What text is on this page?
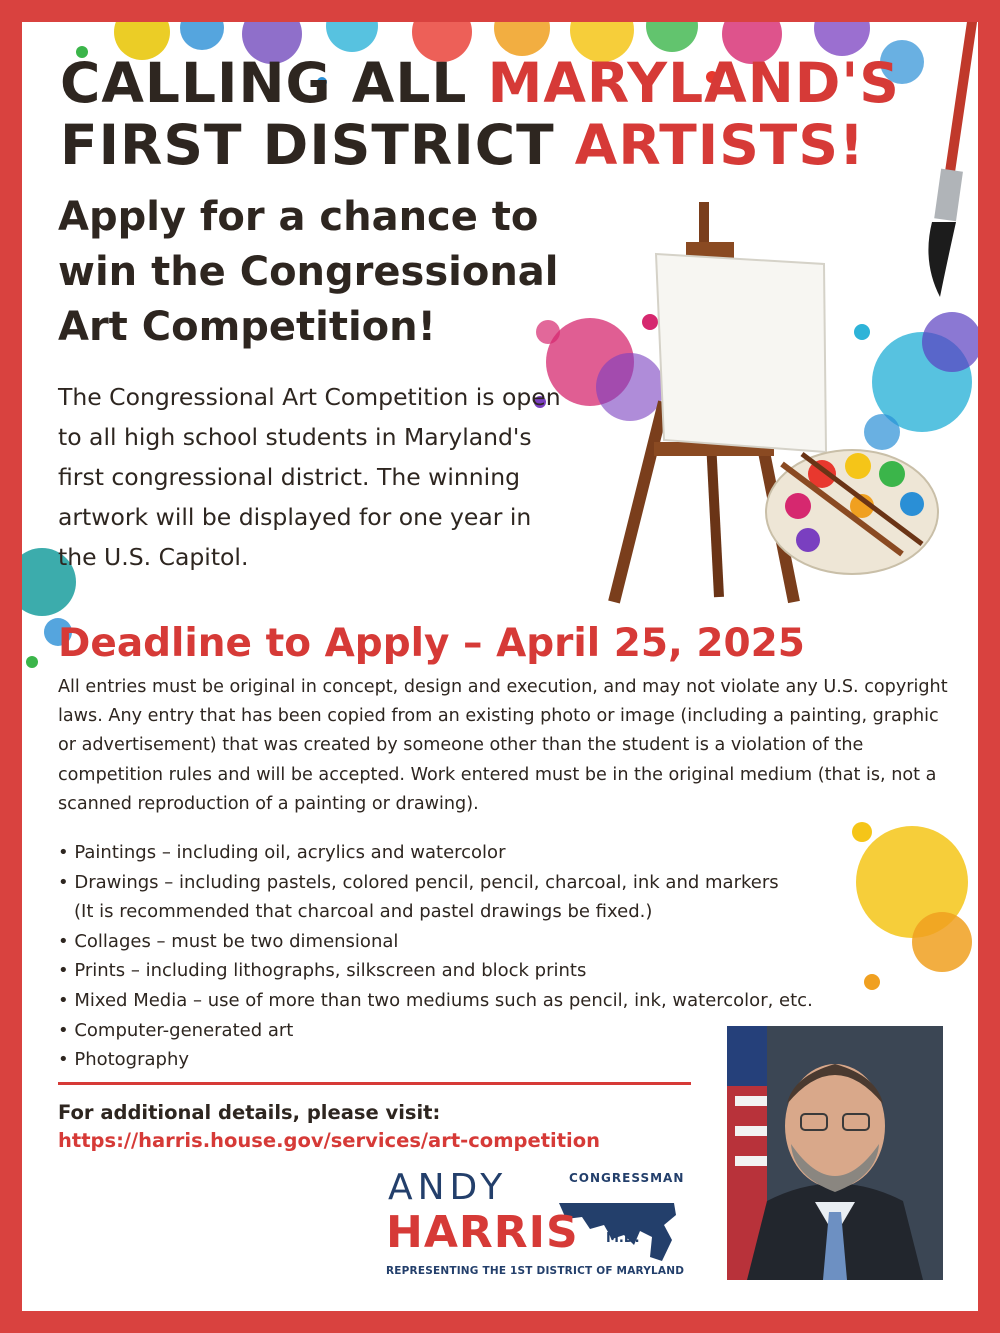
CALLING ALL MARYLAND'S
FIRST DISTRICT ARTISTS!
Apply for a chance to win the Congressional Art Competition!
The Congressional Art Competition is open to all high school students in Maryland's first congressional district. The winning artwork will be displayed for one year in the U.S. Capitol.
Deadline to Apply – April 25, 2025
All entries must be original in concept, design and execution, and may not violate any U.S. copyright laws. Any entry that has been copied from an existing photo or image (including a painting, graphic or advertisement) that was created by someone other than the student is a violation of the competition rules and will be accepted. Work entered must be in the original medium (that is, not a scanned reproduction of a painting or drawing).
• Paintings – including oil, acrylics and watercolor
• Drawings – including pastels, colored pencil, pencil, charcoal, ink and markers
(It is recommended that charcoal and pastel drawings be fixed.)
• Collages – must be two dimensional
• Prints – including lithographs, silkscreen and block prints
• Mixed Media – use of more than two mediums such as pencil, ink, watercolor, etc.
• Computer-generated art
• Photography
For additional details, please visit:
https://harris.house.gov/services/art-competition
ANDY	CONGRESSMAN
HARRIS M.D.
REPRESENTING THE 1ST DISTRICT OF MARYLAND
